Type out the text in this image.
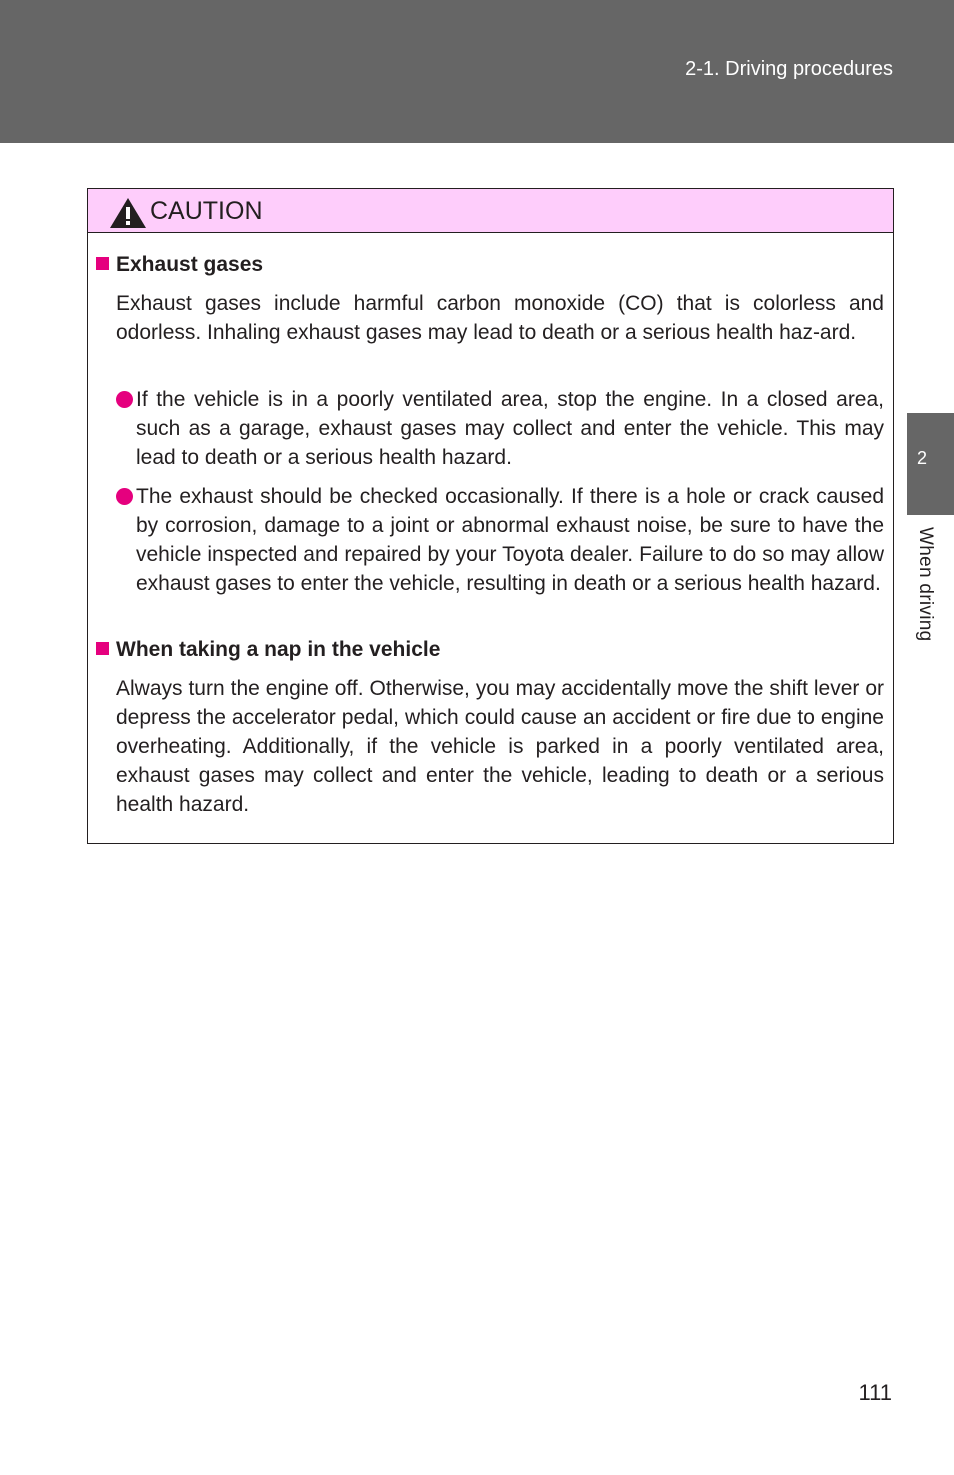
2-1. Driving procedures
2
When driving
CAUTION
Exhaust gases
Exhaust gases include harmful carbon monoxide (CO) that is colorless and odorless. Inhaling exhaust gases may lead to death or a serious health haz-ard.
If the vehicle is in a poorly ventilated area, stop the engine. In a closed area, such as a garage, exhaust gases may collect and enter the vehicle. This may lead to death or a serious health hazard.
The exhaust should be checked occasionally. If there is a hole or crack caused by corrosion, damage to a joint or abnormal exhaust noise, be sure to have the vehicle inspected and repaired by your Toyota dealer. Failure to do so may allow exhaust gases to enter the vehicle, resulting in death or a serious health hazard.
When taking a nap in the vehicle
Always turn the engine off. Otherwise, you may accidentally move the shift lever or depress the accelerator pedal, which could cause an accident or fire due to engine overheating. Additionally, if the vehicle is parked in a poorly ventilated area, exhaust gases may collect and enter the vehicle, leading to death or a serious health hazard.
111
